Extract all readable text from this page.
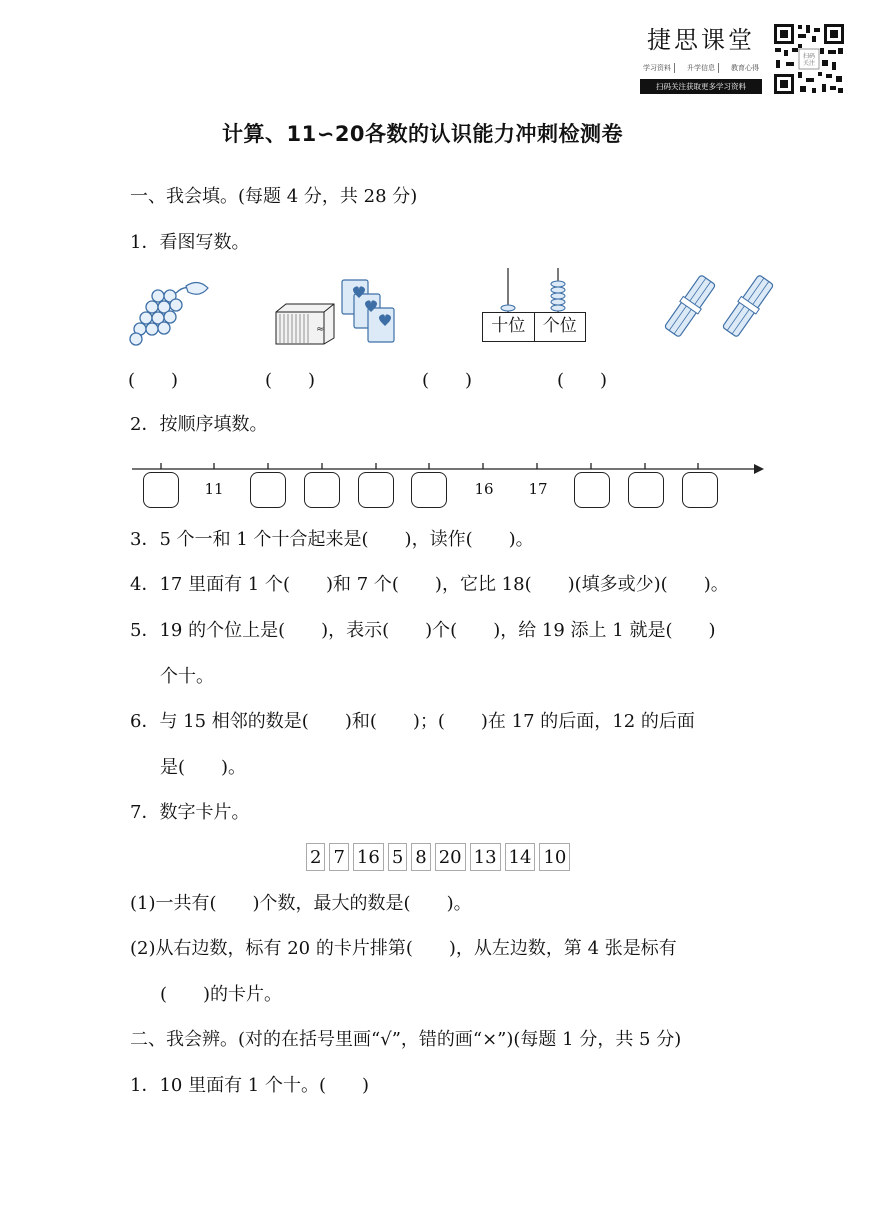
捷思课堂
学习资料	升学信息	教育心得
扫码关注获取更多学习资料
扫码
关注
计算、11∽20各数的认识能力冲刺检测卷
一、我会填。(每题 4 分，共 28 分)
1．看图写数。
≈	十位	个位
(　　)	(　　)	(　　)	(　　)
2．按顺序填数。
11	16	17
3．5 个一和 1 个十合起来是(　　)，读作(　　)。
4．17 里面有 1 个(　　)和 7 个(　　)，它比 18(　　)(填多或少)(　　)。
5．19 的个位上是(　　)，表示(　　)个(　　)，给 19 添上 1 就是(　　)
个十。
6．与 15 相邻的数是(　　)和(　　)；(　　)在 17 的后面，12 的后面
是(　　)。
7．数字卡片。
2 7 16 5 8 20 13 14 10
(1)一共有(　　)个数，最大的数是(　　)。
(2)从右边数，标有 20 的卡片排第(　　)，从左边数，第 4 张是标有
(　　)的卡片。
二、我会辨。(对的在括号里画“√”，错的画“×”)(每题 1 分，共 5 分)
1．10 里面有 1 个十。(　　)
